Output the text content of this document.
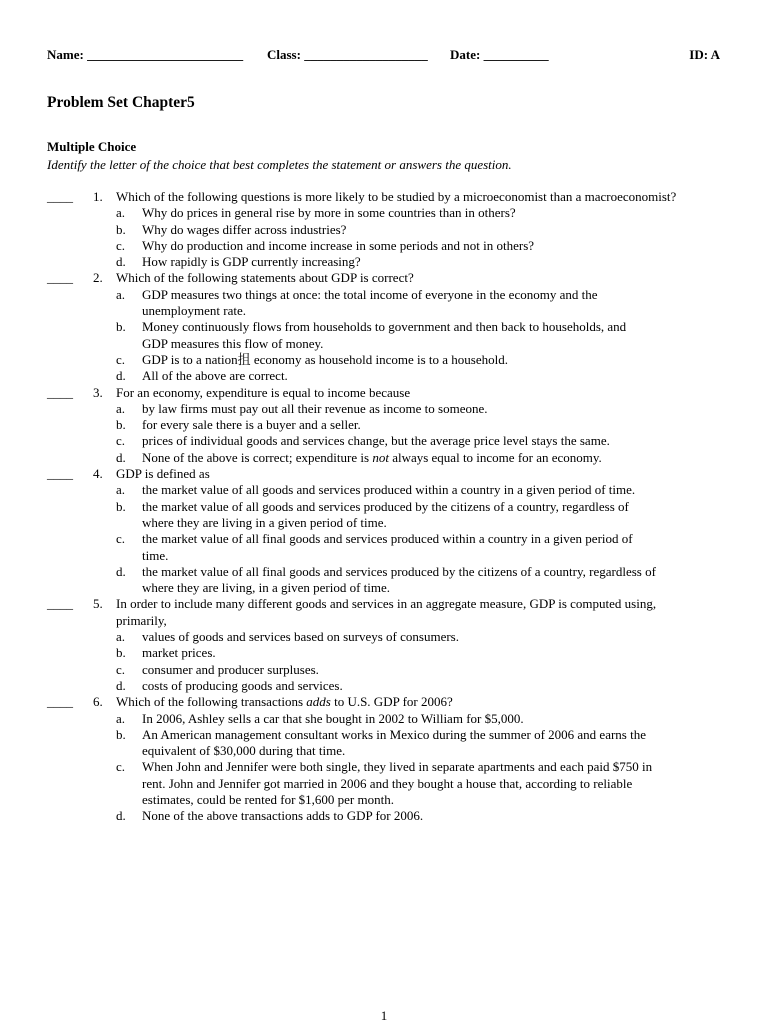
Name: ________________________ Class: ___________________ Date: __________	ID: A
Problem Set Chapter5
Multiple Choice
Identify the letter of the choice that best completes the statement or answers the question.
____ 1. Which of the following questions is more likely to be studied by a microeconomist than a macroeconomist?
a. Why do prices in general rise by more in some countries than in others?
b. Why do wages differ across industries?
c. Why do production and income increase in some periods and not in others?
d. How rapidly is GDP currently increasing?
____ 2. Which of the following statements about GDP is correct?
a. GDP measures two things at once: the total income of everyone in the economy and the unemployment rate.
b. Money continuously flows from households to government and then back to households, and GDP measures this flow of money.
c. GDP is to a nation抯 economy as household income is to a household.
d. All of the above are correct.
____ 3. For an economy, expenditure is equal to income because
a. by law firms must pay out all their revenue as income to someone.
b. for every sale there is a buyer and a seller.
c. prices of individual goods and services change, but the average price level stays the same.
d. None of the above is correct; expenditure is not always equal to income for an economy.
____ 4. GDP is defined as
a. the market value of all goods and services produced within a country in a given period of time.
b. the market value of all goods and services produced by the citizens of a country, regardless of where they are living in a given period of time.
c. the market value of all final goods and services produced within a country in a given period of time.
d. the market value of all final goods and services produced by the citizens of a country, regardless of where they are living, in a given period of time.
____ 5. In order to include many different goods and services in an aggregate measure, GDP is computed using, primarily,
a. values of goods and services based on surveys of consumers.
b. market prices.
c. consumer and producer surpluses.
d. costs of producing goods and services.
____ 6. Which of the following transactions adds to U.S. GDP for 2006?
a. In 2006, Ashley sells a car that she bought in 2002 to William for $5,000.
b. An American management consultant works in Mexico during the summer of 2006 and earns the equivalent of $30,000 during that time.
c. When John and Jennifer were both single, they lived in separate apartments and each paid $750 in rent. John and Jennifer got married in 2006 and they bought a house that, according to reliable estimates, could be rented for $1,600 per month.
d. None of the above transactions adds to GDP for 2006.
1
